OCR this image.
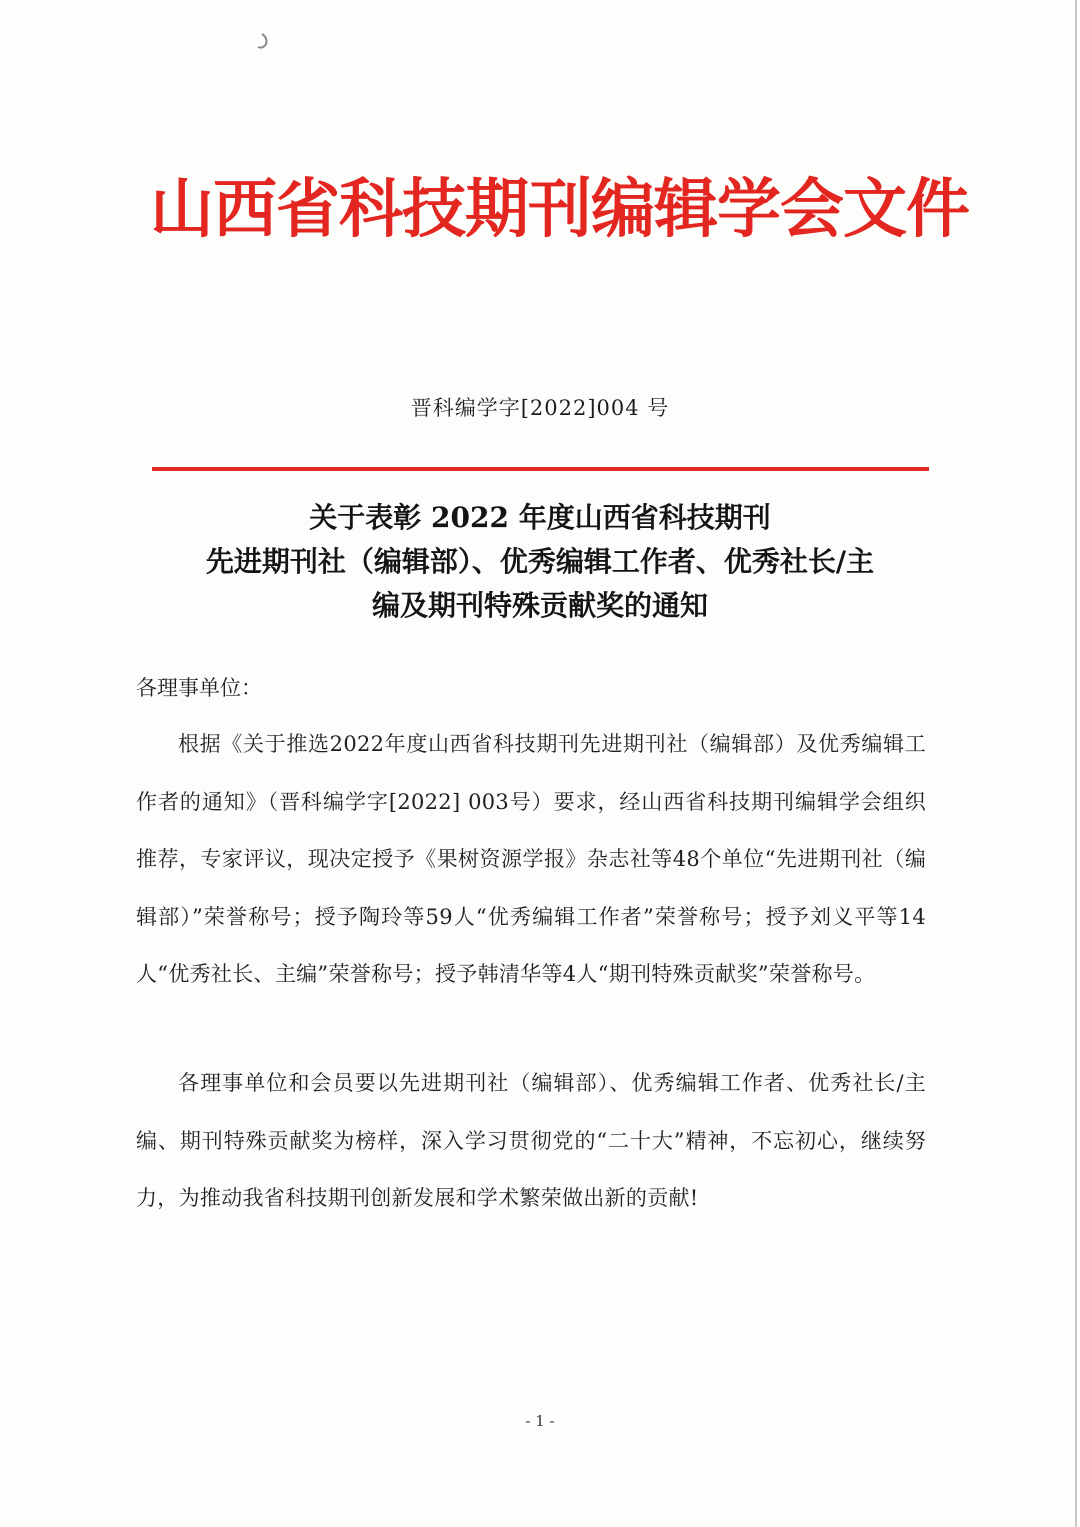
山西省科技期刊编辑学会文件
晋科编学字[2022]004 号
关于表彰 2022 年度山西省科技期刊
先进期刊社（编辑部）、优秀编辑工作者、优秀社长/主
编及期刊特殊贡献奖的通知
各理事单位：

根据《关于推选2022年度山西省科技期刊先进期刊社（编辑部）及优秀编辑工作者的通知》（晋科编学字[2022] 003号）要求，经山西省科技期刊编辑学会组织推荐，专家评议，现决定授予《果树资源学报》杂志社等48个单位“先进期刊社（编辑部）”荣誉称号；授予陶玲等59人“优秀编辑工作者”荣誉称号；授予刘义平等14人“优秀社长、主编”荣誉称号；授予韩清华等4人“期刊特殊贡献奖”荣誉称号。

各理事单位和会员要以先进期刊社（编辑部）、优秀编辑工作者、优秀社长/主编、期刊特殊贡献奖为榜样，深入学习贯彻党的“二十大”精神，不忘初心，继续努力，为推动我省科技期刊创新发展和学术繁荣做出新的贡献!

- 1 -
